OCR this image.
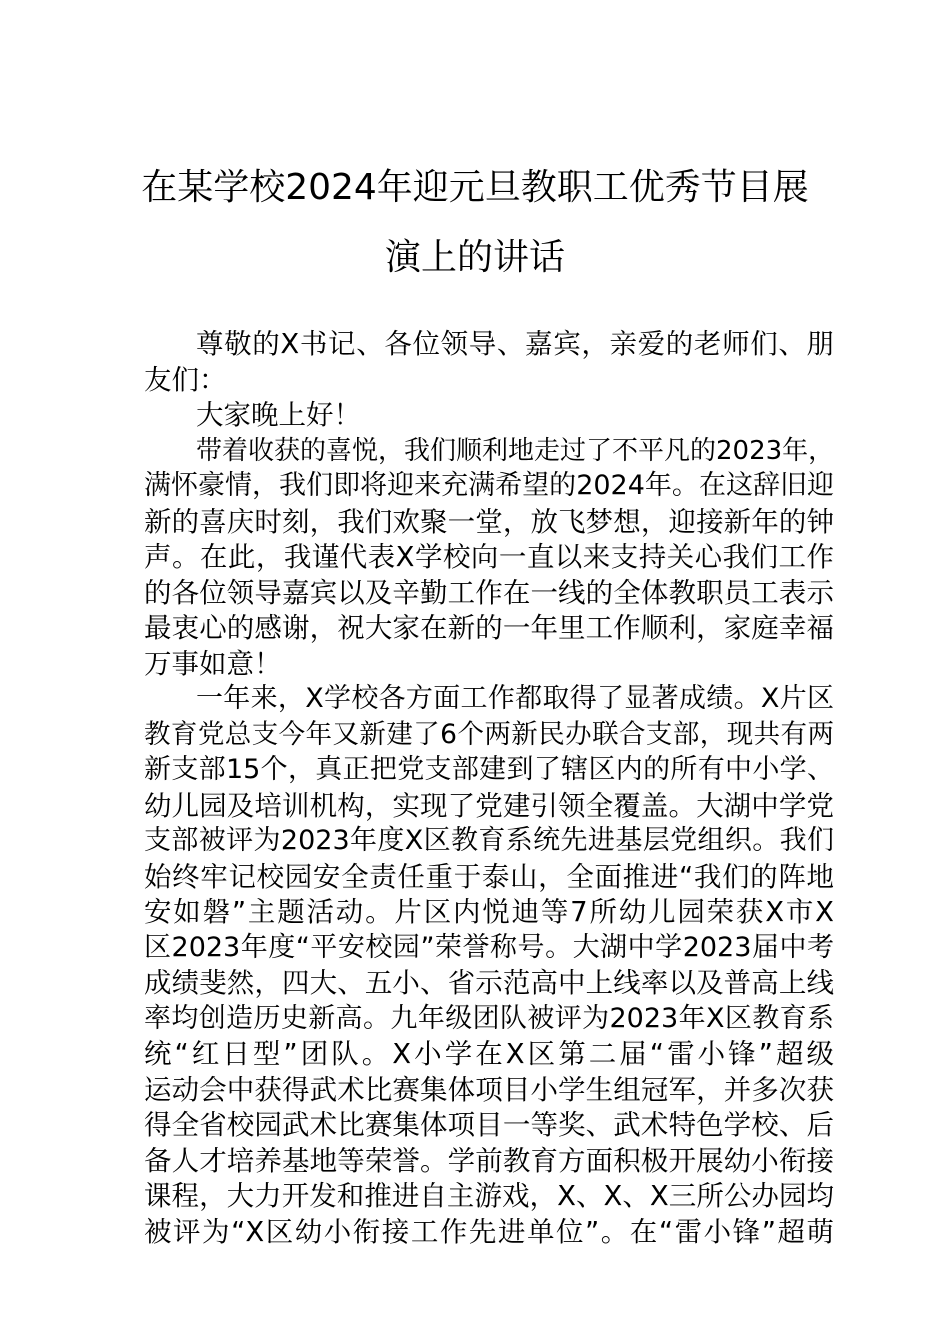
在某学校2024年迎元旦教职工优秀节目展
演上的讲话
尊敬的X书记、各位领导、嘉宾，亲爱的老师们、朋
友们：
大家晚上好！
带着收获的喜悦，我们顺利地走过了不平凡的2023年，
满怀豪情，我们即将迎来充满希望的2024年。在这辞旧迎
新的喜庆时刻，我们欢聚一堂，放飞梦想，迎接新年的钟
声。在此，我谨代表X学校向一直以来支持关心我们工作
的各位领导嘉宾以及辛勤工作在一线的全体教职员工表示
最衷心的感谢，祝大家在新的一年里工作顺利，家庭幸福
万事如意！
一年来，X学校各方面工作都取得了显著成绩。X片区
教育党总支今年又新建了6个两新民办联合支部，现共有两
新支部15个，真正把党支部建到了辖区内的所有中小学、
幼儿园及培训机构，实现了党建引领全覆盖。大湖中学党
支部被评为2023年度X区教育系统先进基层党组织。我们
始终牢记校园安全责任重于泰山，全面推进“我们的阵地
安如磐”主题活动。片区内悦迪等7所幼儿园荣获X市X
区2023年度“平安校园”荣誉称号。大湖中学2023届中考
成绩斐然，四大、五小、省示范高中上线率以及普高上线
率均创造历史新高。九年级团队被评为2023年X区教育系
统“红日型”团队。X小学在X区第二届“雷小锋”超级
运动会中获得武术比赛集体项目小学生组冠军，并多次获
得全省校园武术比赛集体项目一等奖、武术特色学校、后
备人才培养基地等荣誉。学前教育方面积极开展幼小衔接
课程，大力开发和推进自主游戏，X、X、X三所公办园均
被评为“X区幼小衔接工作先进单位”。在“雷小锋”超萌
